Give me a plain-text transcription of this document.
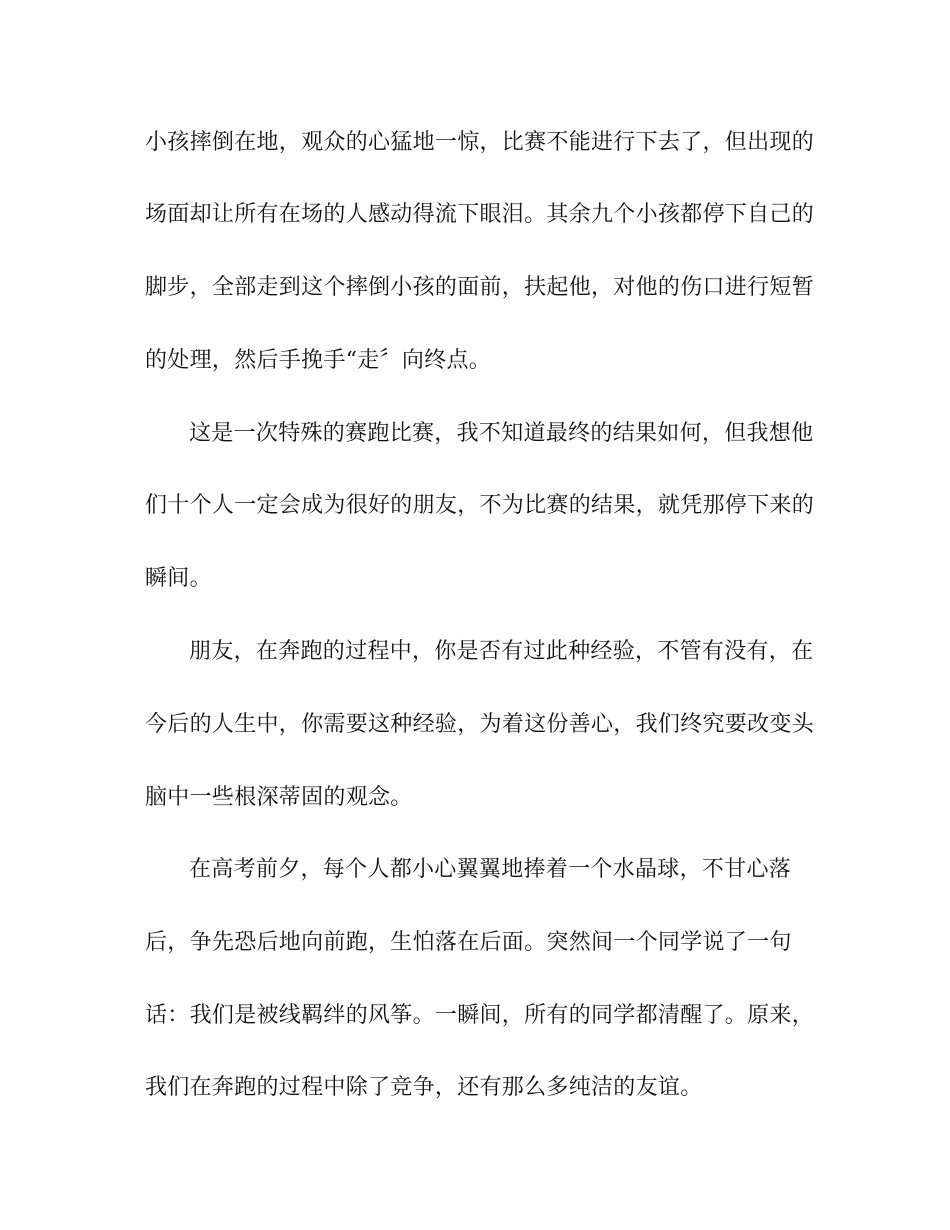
小孩摔倒在地，观众的心猛地一惊，比赛不能进行下去了，但出现的
场面却让所有在场的人感动得流下眼泪。其余九个小孩都停下自己的
脚步，全部走到这个摔倒小孩的面前，扶起他，对他的伤口进行短暂
的处理，然后手挽手“走〞向终点。
这是一次特殊的赛跑比赛，我不知道最终的结果如何，但我想他
们十个人一定会成为很好的朋友，不为比赛的结果，就凭那停下来的
瞬间。
朋友，在奔跑的过程中，你是否有过此种经验，不管有没有，在
今后的人生中，你需要这种经验，为着这份善心，我们终究要改变头
脑中一些根深蒂固的观念。
在高考前夕，每个人都小心翼翼地捧着一个水晶球，不甘心落
后，争先恐后地向前跑，生怕落在后面。突然间一个同学说了一句
话：我们是被线羁绊的风筝。一瞬间，所有的同学都清醒了。原来，
我们在奔跑的过程中除了竞争，还有那么多纯洁的友谊。
